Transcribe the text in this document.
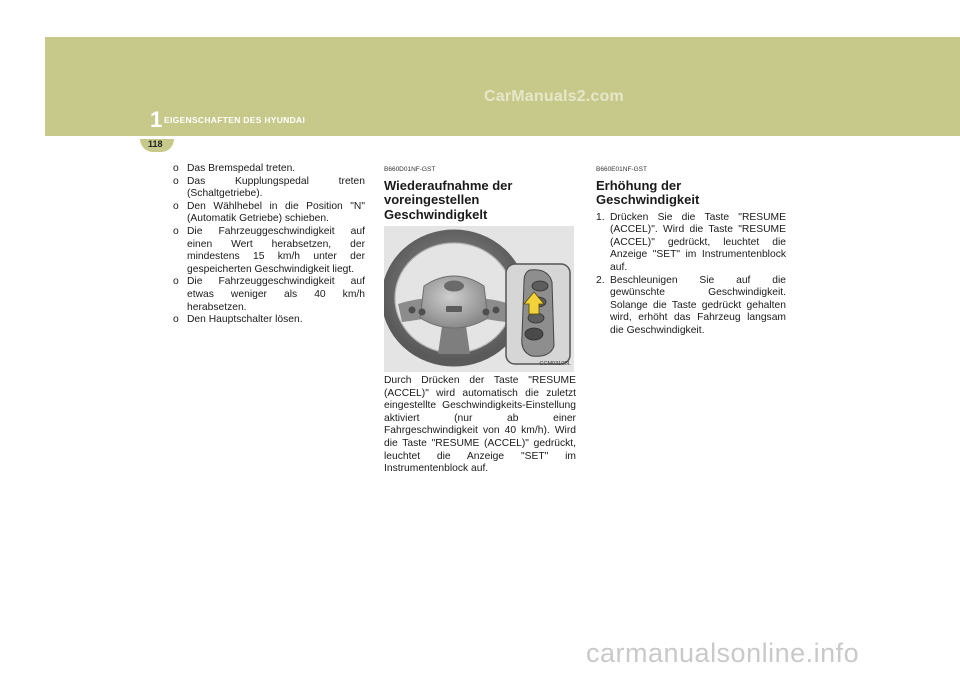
CarManuals2.com
1 EIGENSCHAFTEN DES HYUNDAI
118
o Das Bremspedal treten.
o Das Kupplungspedal treten (Schaltgetriebe).
o Den Wählhebel in die Position "N" (Automatik Getriebe) schieben.
o Die Fahrzeuggeschwindigkeit auf einen Wert herabsetzen, der mindestens 15 km/h unter der gespeicherten Geschwindigkeit liegt.
o Die Fahrzeuggeschwindigkeit auf etwas weniger als 40 km/h herabsetzen.
o Den Hauptschalter lösen.
B660D01NF-GST
Wiederaufnahme der voreingestellen Geschwindigkelt
CCM0310BL

Durch Drücken der Taste "RESUME (ACCEL)" wird automatisch die zuletzt eingestellte Geschwindigkeits-Einstellung aktiviert (nur ab einer Fahrgeschwindigkeit von 40 km/h). Wird die Taste "RESUME (ACCEL)" gedrückt, leuchtet die Anzeige "SET" im Instrumentenblock auf.

B660E01NF-GST
Erhöhung der Geschwindigkeit
1. Drücken Sie die Taste "RESUME (ACCEL)". Wird die Taste "RESUME (ACCEL)" gedrückt, leuchtet die Anzeige "SET" im Instrumentenblock auf.
2. Beschleunigen Sie auf die gewünschte Geschwindigkeit. Solange die Taste gedrückt gehalten wird, erhöht das Fahrzeug langsam die Geschwindigkeit.
carmanualsonline.info
